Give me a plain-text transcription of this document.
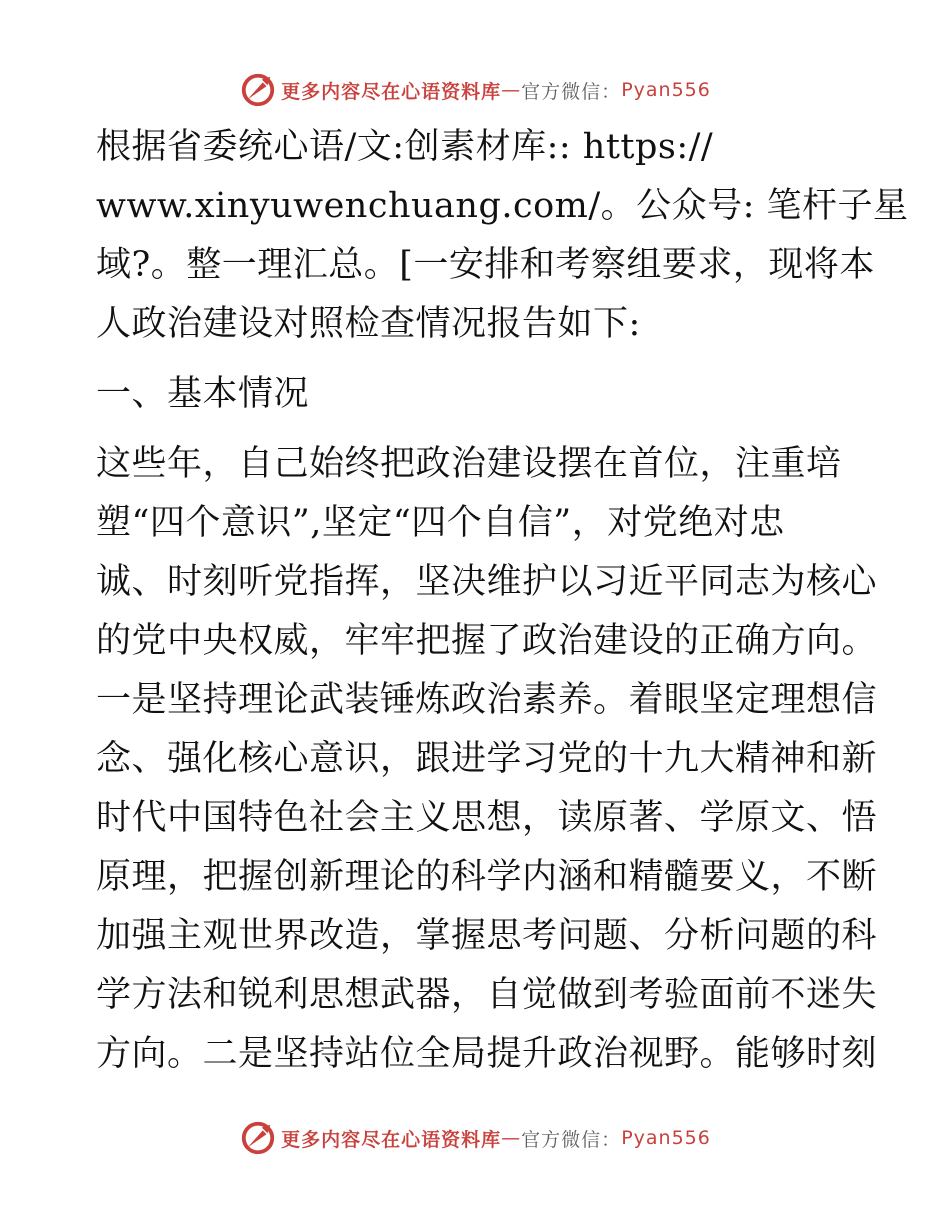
更多内容尽在心语资料库 — 官方微信： Pyan556

根据省委统心语/文:创素材库:: https://
www.xinyuwenchuang.com/。公众号: 笔杆子星
域?。整一理汇总。[一安排和考察组要求，现将本
人政治建设对照检查情况报告如下:

一、基本情况

这些年，自己始终把政治建设摆在首位，注重培
塑“四个意识”,坚定“四个自信”，对党绝对忠
诚、时刻听党指挥，坚决维护以习近平同志为核心
的党中央权威，牢牢把握了政治建设的正确方向。
一是坚持理论武装锤炼政治素养。着眼坚定理想信
念、强化核心意识，跟进学习党的十九大精神和新
时代中国特色社会主义思想，读原著、学原文、悟
原理，把握创新理论的科学内涵和精髓要义，不断
加强主观世界改造，掌握思考问题、分析问题的科
学方法和锐利思想武器，自觉做到考验面前不迷失
方向。二是坚持站位全局提升政治视野。能够时刻

更多内容尽在心语资料库 — 官方微信： Pyan556
